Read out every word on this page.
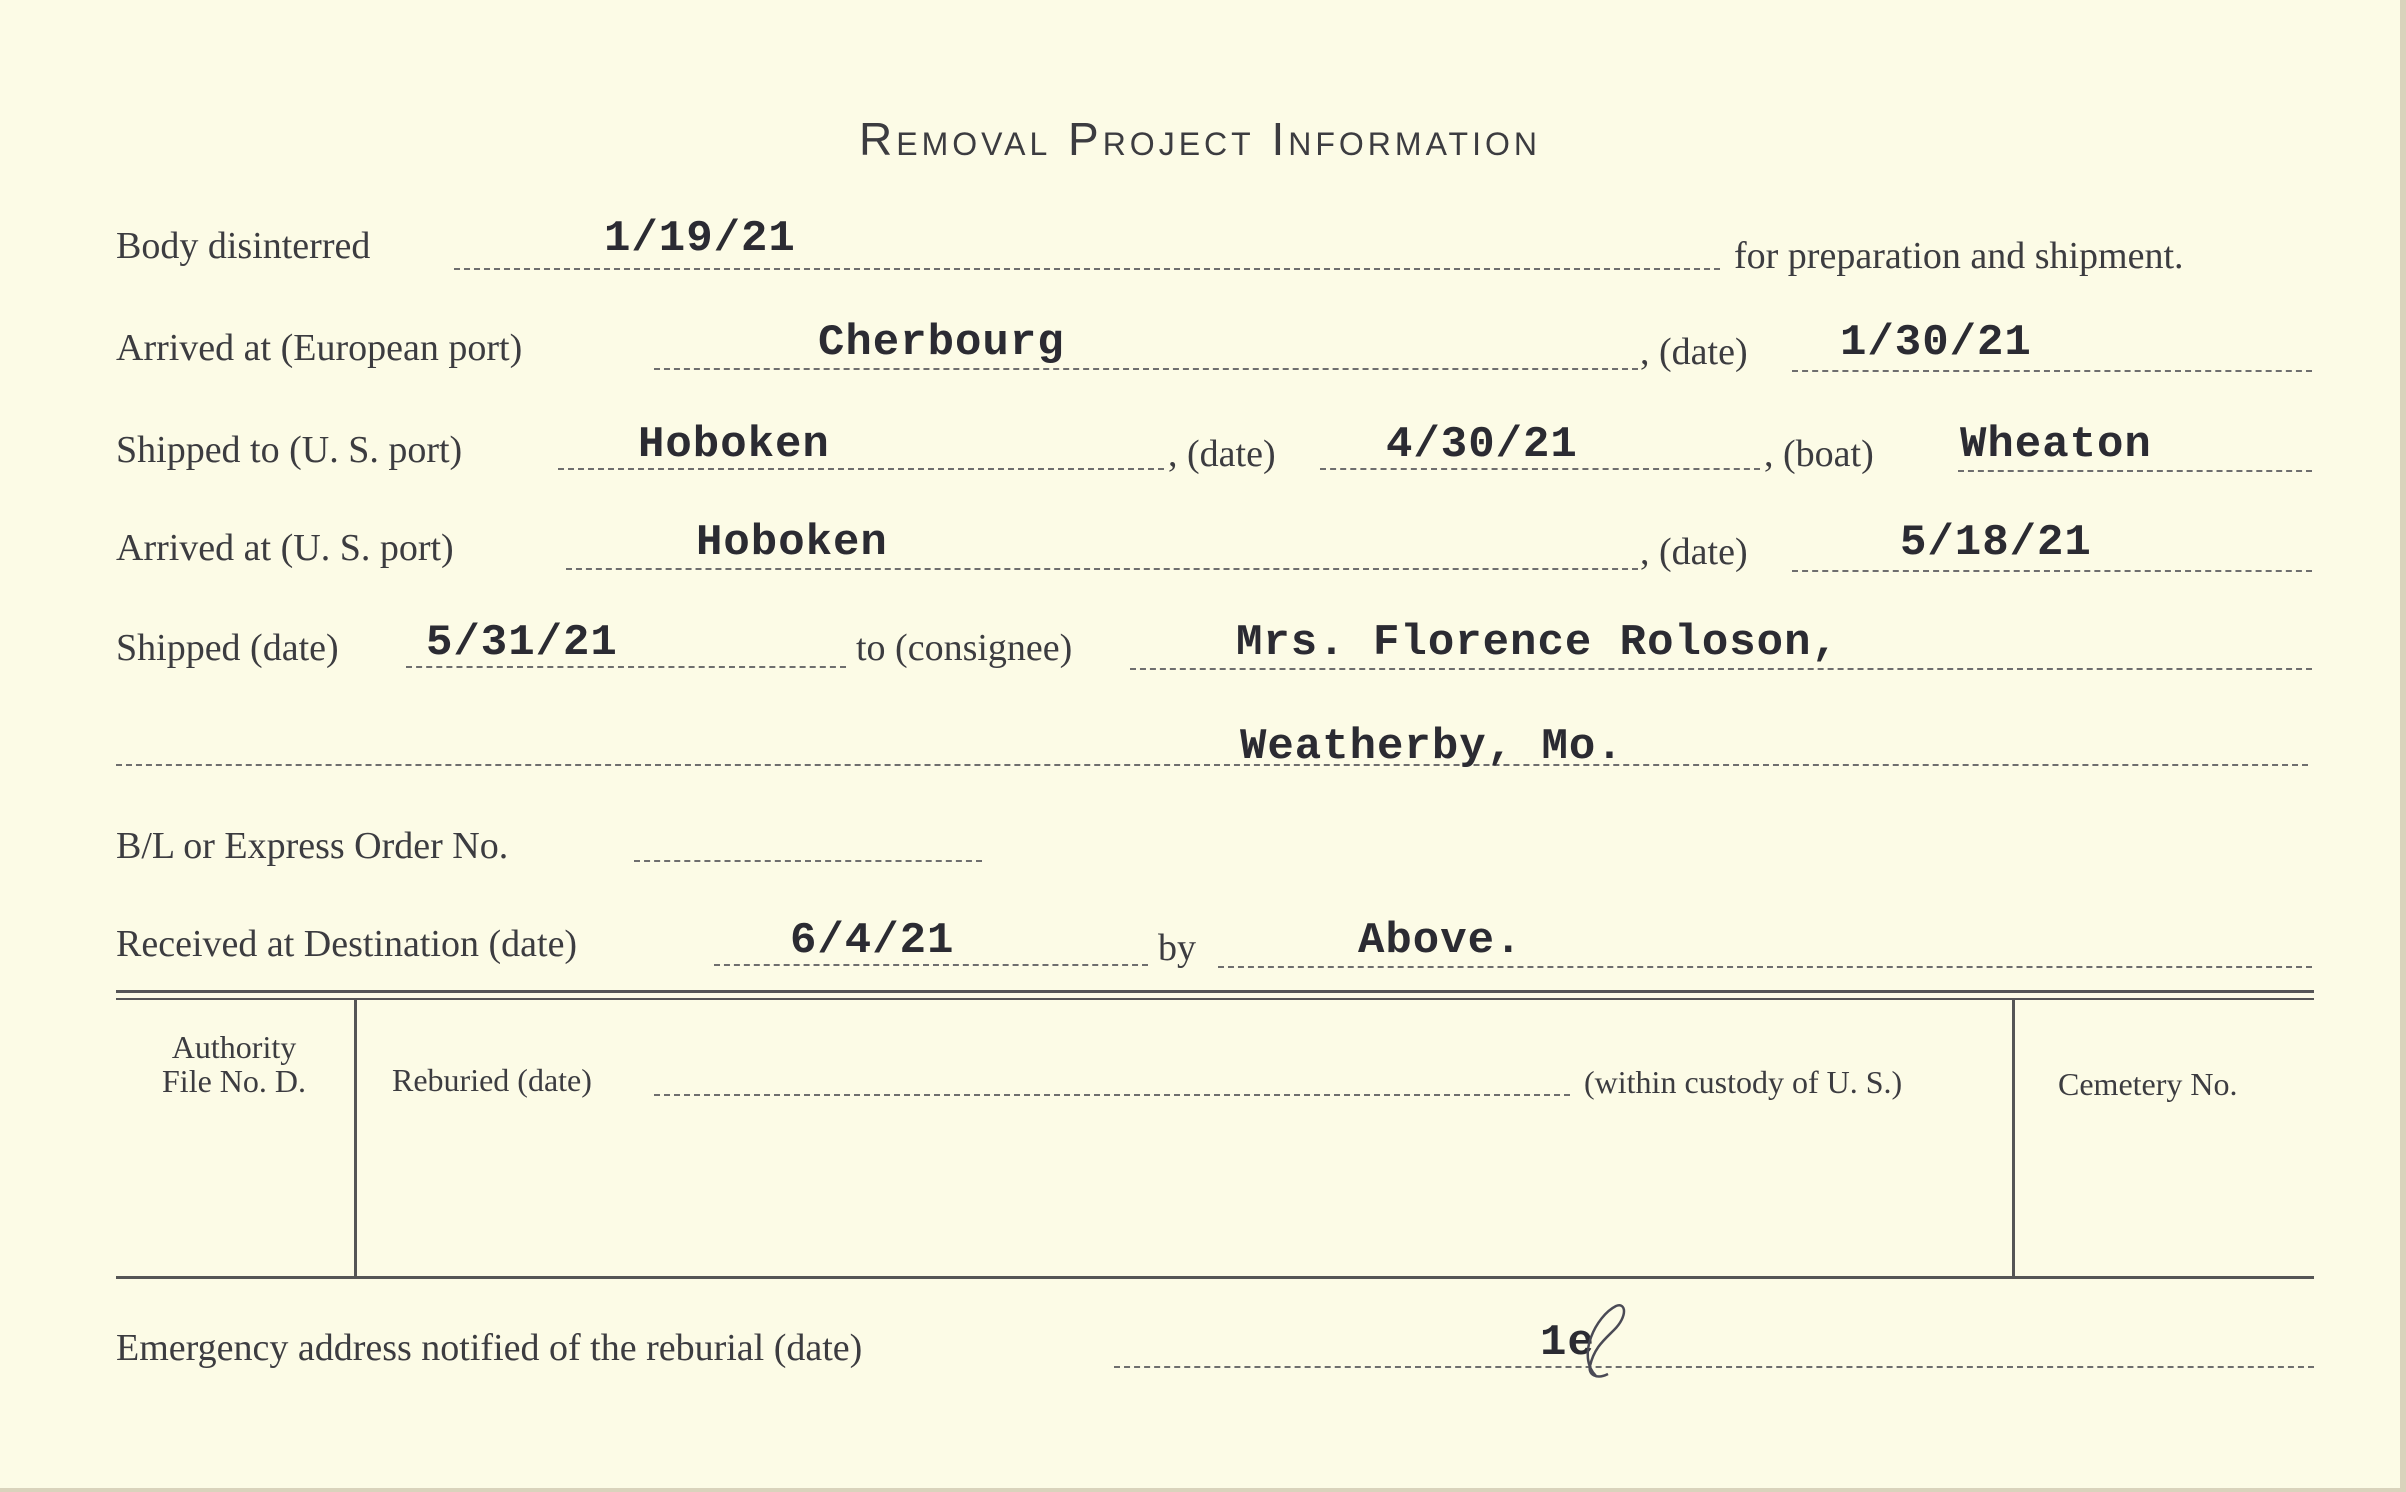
Removal Project Information
Body disinterred	1/19/21	for preparation and shipment.
Arrived at (European port)	Cherbourg	, (date) 1/30/21
Shipped to (U. S. port)	Hoboken	, (date)	4/30/21	, (boat) Wheaton
Arrived at (U. S. port)	Hoboken	, (date)	5/18/21
Shipped (date) 5/31/21	to (consignee)	Mrs. Florence Roloson,
Weatherby, Mo.
B/L or Express Order No.
Received at Destination (date)	6/4/21	by	Above.
Authority
File No. D.	Reburied (date)	(within custody of U. S.)	Cemetery No.
Emergency address notified of the reburial (date)	1e
